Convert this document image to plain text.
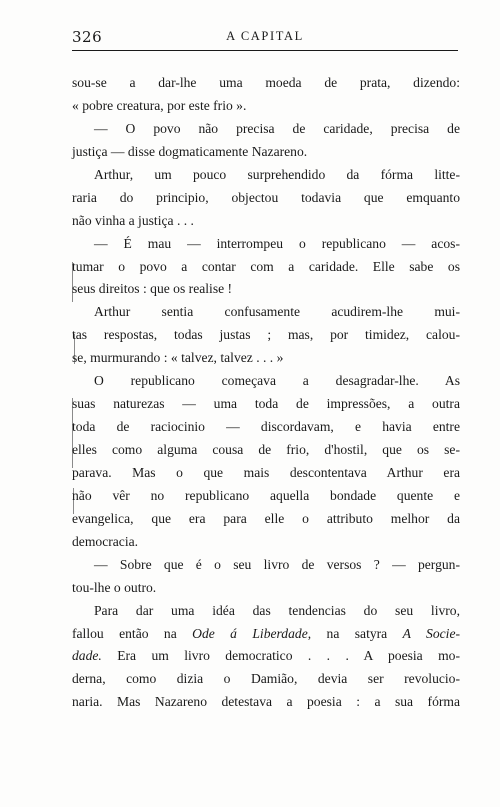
326	A CAPITAL
sou-se a dar-lhe uma moeda de prata, dizendo:
« pobre creatura, por este frio ».
— O povo não precisa de caridade, precisa de
justiça — disse dogmaticamente Nazareno.
Arthur, um pouco surprehendido da fórma litte-
raria do principio, objectou todavia que emquanto
não vinha a justiça . . .
— É mau — interrompeu o republicano — acos-
tumar o povo a contar com a caridade. Elle sabe os
seus direitos : que os realise !
Arthur sentia confusamente acudirem-lhe mui-
tas respostas, todas justas ; mas, por timidez, calou-
se, murmurando : « talvez, talvez . . . »
O republicano começava a desagradar-lhe. As
suas naturezas — uma toda de impressões, a outra
toda de raciocinio — discordavam, e havia entre
elles como alguma cousa de frio, d'hostil, que os se-
parava. Mas o que mais descontentava Arthur era
não vêr no republicano aquella bondade quente e
evangelica, que era para elle o attributo melhor da
democracia.
— Sobre que é o seu livro de versos ? — pergun-
tou-lhe o outro.
Para dar uma idéa das tendencias do seu livro,
fallou então na Ode á Liberdade, na satyra A Socie-
dade. Era um livro democratico . . . A poesia mo-
derna, como dizia o Damião, devia ser revolucio-
naria. Mas Nazareno detestava a poesia : a sua fórma
